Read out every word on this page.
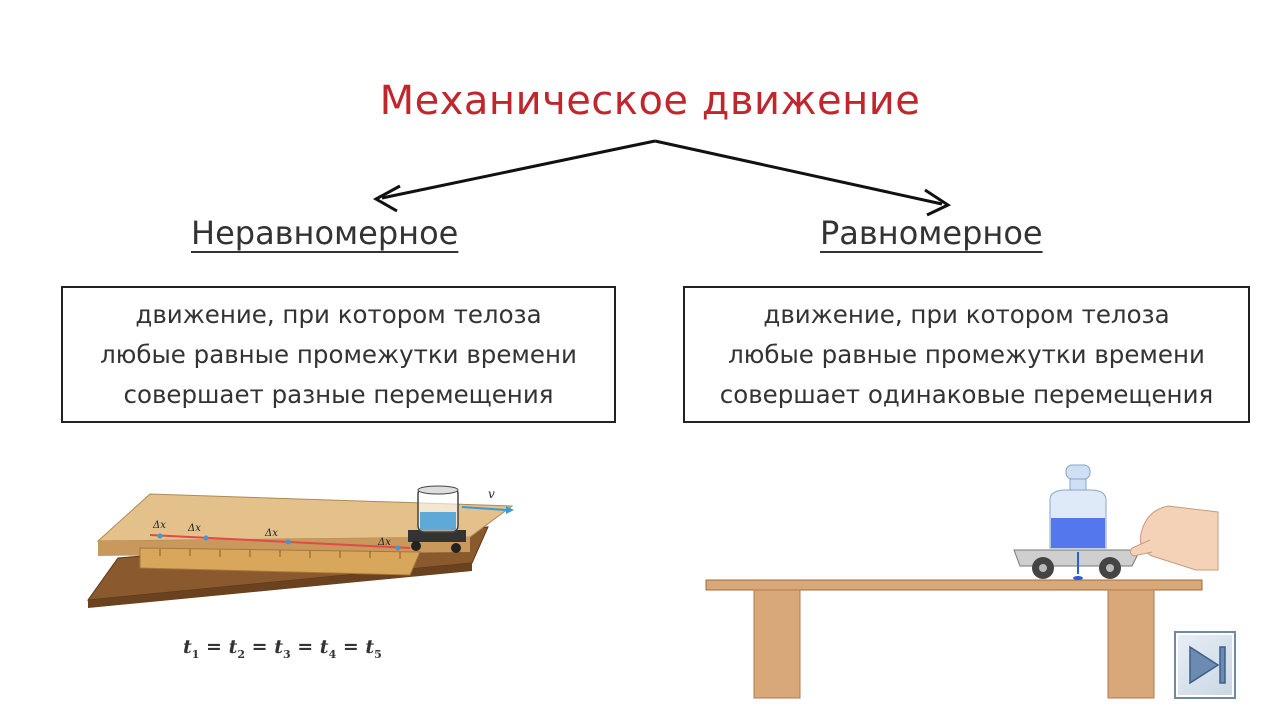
Механическое движение
Неравномерное	Равномерное
движение, при котором телоза
любые равные промежутки времени
совершает разные перемещения
движение, при котором телоза
любые равные промежутки времени
совершает одинаковые перемещения
Δx Δx	Δx
Δx
v
$t_1 = t_2 = t_3 = t_4 = t_5$
